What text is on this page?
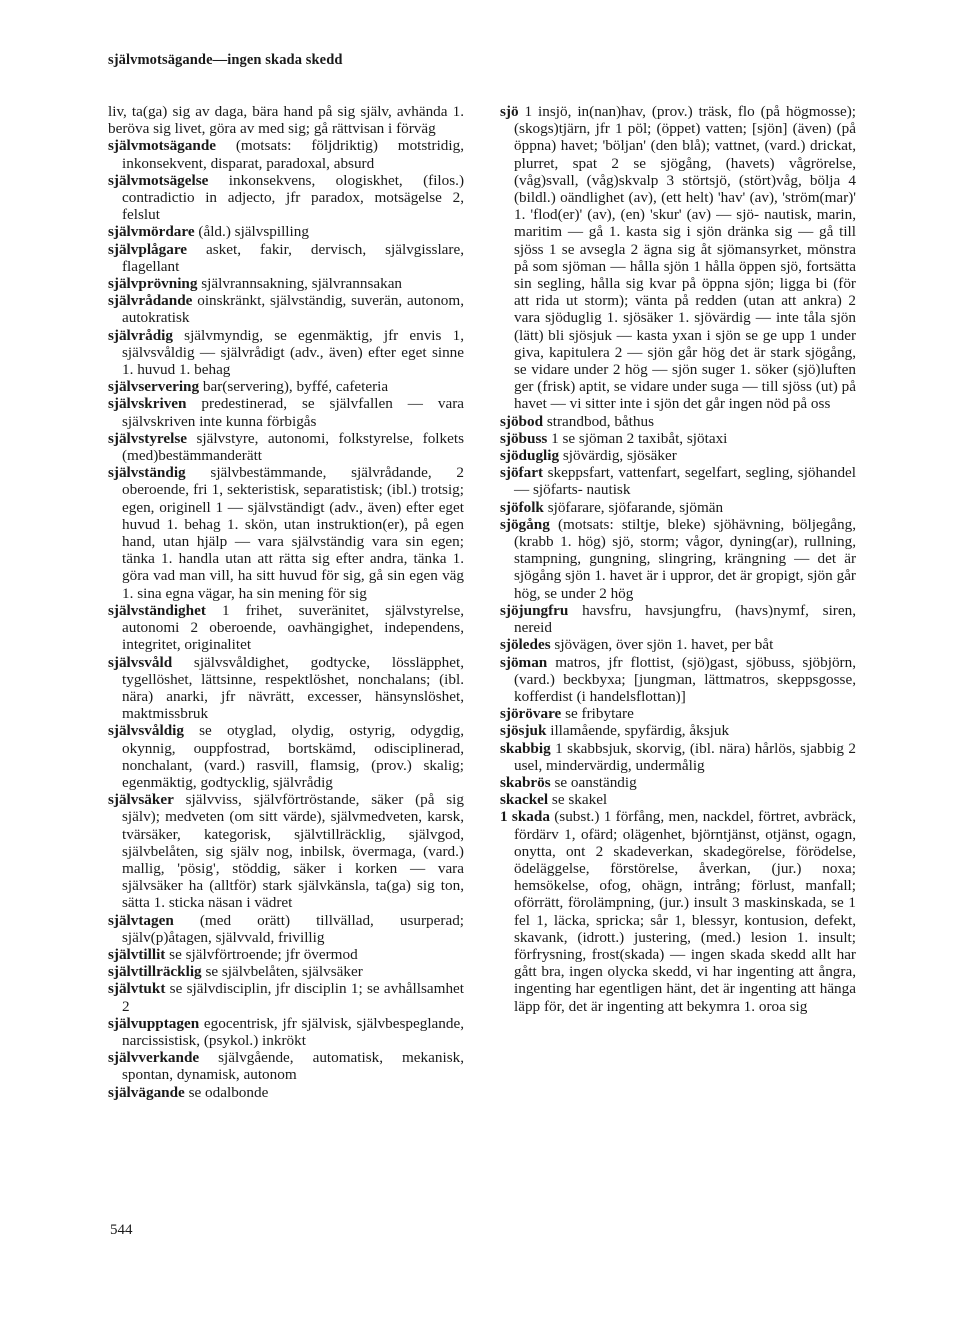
självmotsägande—ingen skada skedd
liv, ta(ga) sig av daga, bära hand på sig själv, avhända 1. beröva sig livet, göra av med sig; gå rättvisan i förväg
självmotsägande (motsats: följdriktig) motstridig, inkonsekvent, disparat, paradoxal, absurd
självmotsägelse inkonsekvens, ologiskhet, (filos.) contradictio in adjecto, jfr paradox, motsägelse 2, felslut
självmördare (åld.) självspilling
självplågare asket, fakir, dervisch, självgisslare, flagellant
självprövning självrannsakning, självrannsakan
självrådande oinskränkt, självständig, suverän, autonom, autokratisk
självrådig självmyndig, se egenmäktig, jfr envis 1, självsvåldig — självrådigt (adv., även) efter eget sinne 1. huvud 1. behag
självservering bar(servering), byffé, cafeteria
självskriven predestinerad, se självfallen — vara självskriven inte kunna förbigås
självstyrelse självstyre, autonomi, folkstyrelse, folkets (med)bestämmanderätt
självständig självbestämmande, självrådande, 2 oberoende, fri 1, sekteristisk, separatistisk; (ibl.) trotsig; egen, originell 1 — självständigt (adv., även) efter eget huvud 1. behag 1. skön, utan instruktion(er), på egen hand, utan hjälp — vara självständig vara sin egen; tänka 1. handla utan att rätta sig efter andra, tänka 1. göra vad man vill, ha sitt huvud för sig, gå sin egen väg 1. sina egna vägar, ha sin mening för sig
självständighet 1 frihet, suveränitet, självstyrelse, autonomi 2 oberoende, oavhängighet, independens, integritet, originalitet
självsvåld självsvåldighet, godtycke, lössläpphet, tygellöshet, lättsinne, respektlöshet, nonchalans; (ibl. nära) anarki, jfr nävrätt, excesser, hänsynslöshet, maktmissbruk
självsvåldig se otyglad, olydig, ostyrig, odygdig, okynnig, ouppfostrad, bortskämd, odisciplinerad, nonchalant, (vard.) rasvill, flamsig, (prov.) skalig; egenmäktig, godtycklig, självrådig
självsäker självviss, självförtröstande, säker (på sig själv); medveten (om sitt värde), självmedveten, karsk, tvärsäker, kategorisk, självtillräcklig, självgod, självbelåten, sig själv nog, inbilsk, övermaga, (vard.) mallig, 'pösig', stöddig, säker i korken — vara självsäker ha (alltför) stark självkänsla, ta(ga) sig ton, sätta 1. sticka näsan i vädret
självtagen (med orätt) tillvällad, usurperad; själv(p)åtagen, självvald, frivillig
självtillit se självförtroende; jfr övermod
självtillräcklig se självbelåten, självsäker
självtukt se självdisciplin, jfr disciplin 1; se avhållsamhet 2
självupptagen egocentrisk, jfr självisk, självbespeglande, narcissistisk, (psykol.) inkrökt
självverkande självgående, automatisk, mekanisk, spontan, dynamisk, autonom
självägande se odalbonde
sjö 1 insjö, in(nan)hav, (prov.) träsk, flo (på högmosse); (skogs)tjärn, jfr 1 pöl; (öppet) vatten; [sjön] (även) (på öppna) havet; 'böljan' (den blå); vattnet, (vard.) drickat, plurret, spat 2 se sjögång, (havets) vågrörelse, (våg)svall, (våg)skvalp 3 störtsjö, (stört)våg, bölja 4 (bildl.) oändlighet (av), (ett helt) 'hav' (av), 'ström(mar)' 1. 'flod(er)' (av), (en) 'skur' (av) — sjö- nautisk, marin, maritim — gå 1. kasta sig i sjön dränka sig — gå till sjöss 1 se avsegla 2 ägna sig åt sjömansyrket, mönstra på som sjöman — hålla sjön 1 hålla öppen sjö, fortsätta sin segling, hålla sig kvar på öppna sjön; ligga bi (för att rida ut storm); vänta på redden (utan att ankra) 2 vara sjöduglig 1. sjösäker 1. sjövärdig — inte tåla sjön (lätt) bli sjösjuk — kasta yxan i sjön se ge upp 1 under giva, kapitulera 2 — sjön går hög det är stark sjögång, se vidare under 2 hög — sjön suger 1. söker (sjö)luften ger (frisk) aptit, se vidare under suga — till sjöss (ut) på havet — vi sitter inte i sjön det går ingen nöd på oss
sjöbod strandbod, båthus
sjöbuss 1 se sjöman 2 taxibåt, sjötaxi
sjöduglig sjövärdig, sjösäker
sjöfart skeppsfart, vattenfart, segelfart, segling, sjöhandel — sjöfarts- nautisk
sjöfolk sjöfarare, sjöfarande, sjömän
sjögång (motsats: stiltje, bleke) sjöhävning, böljegång, (krabb 1. hög) sjö, storm; vågor, dyning(ar), rullning, stampning, gungning, slingring, krängning — det är sjögång sjön 1. havet är i uppror, det är gropigt, sjön går hög, se under 2 hög
sjöjungfru havsfru, havsjungfru, (havs)nymf, siren, nereid
sjöledes sjövägen, över sjön 1. havet, per båt
sjöman matros, jfr flottist, (sjö)gast, sjöbuss, sjöbjörn, (vard.) beckbyxa; [jungman, lättmatros, skeppsgosse, kofferdist (i handelsflottan)]
sjörövare se fribytare
sjösjuk illamående, spyfärdig, åksjuk
skabbig 1 skabbsjuk, skorvig, (ibl. nära) hårlös, sjabbig 2 usel, mindervärdig, undermålig
skabrös se oanständig
skackel se skakel
1 skada (subst.) 1 förfång, men, nackdel, förtret, avbräck, fördärv 1, ofärd; olägenhet, björntjänst, otjänst, ogagn, onytta, ont 2 skadeverkan, skadegörelse, förödelse, ödeläggelse, förstörelse, åverkan, (jur.) noxa; hemsökelse, ofog, ohägn, intrång; förlust, manfall; oförrätt, förolämpning, (jur.) insult 3 maskinskada, se 1 fel 1, läcka, spricka; sår 1, blessyr, kontusion, defekt, skavank, (idrott.) justering, (med.) lesion 1. insult; förfrysning, frost(skada) — ingen skada skedd allt har gått bra, ingen olycka skedd, vi har ingenting att ångra, ingenting har egentligen hänt, det är ingenting att hänga läpp för, det är ingenting att bekymra 1. oroa sig
544
